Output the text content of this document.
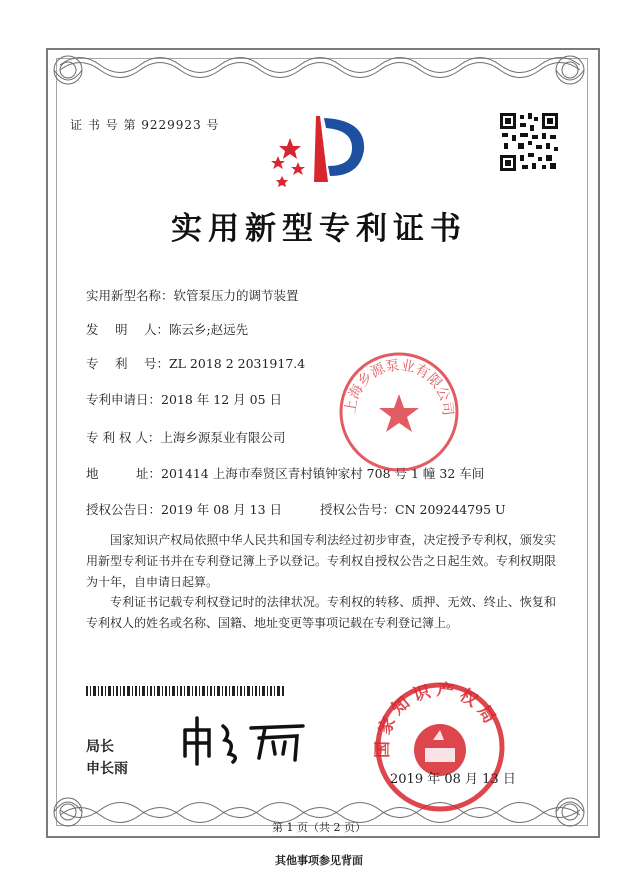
证 书 号 第 9229923 号
实用新型专利证书
实用新型名称：软管泵压力的调节装置
发　 明　 人：陈云乡;赵远先
专　 利　 号：ZL 2018 2 2031917.4
专利申请日：2018 年 12 月 05 日
专 利 权 人：上海乡源泵业有限公司
地　　　址：201414 上海市奉贤区青村镇钟家村 708 号 1 幢 32 车间
授权公告日：2019 年 08 月 13 日	授权公告号：CN 209244795 U
上海乡源泵业有限公司
国家知识产权局依照中华人民共和国专利法经过初步审查，决定授予专利权，颁发实用新型专利证书并在专利登记簿上予以登记。专利权自授权公告之日起生效。专利权期限为十年，自申请日起算。
专利证书记载专利权登记时的法律状况。专利权的转移、质押、无效、终止、恢复和专利权人的姓名或名称、国籍、地址变更等事项记载在专利登记簿上。
局长
申长雨
国家知识产权局
2019 年 08 月 13 日
第 1 页（共 2 页）
其他事项参见背面
